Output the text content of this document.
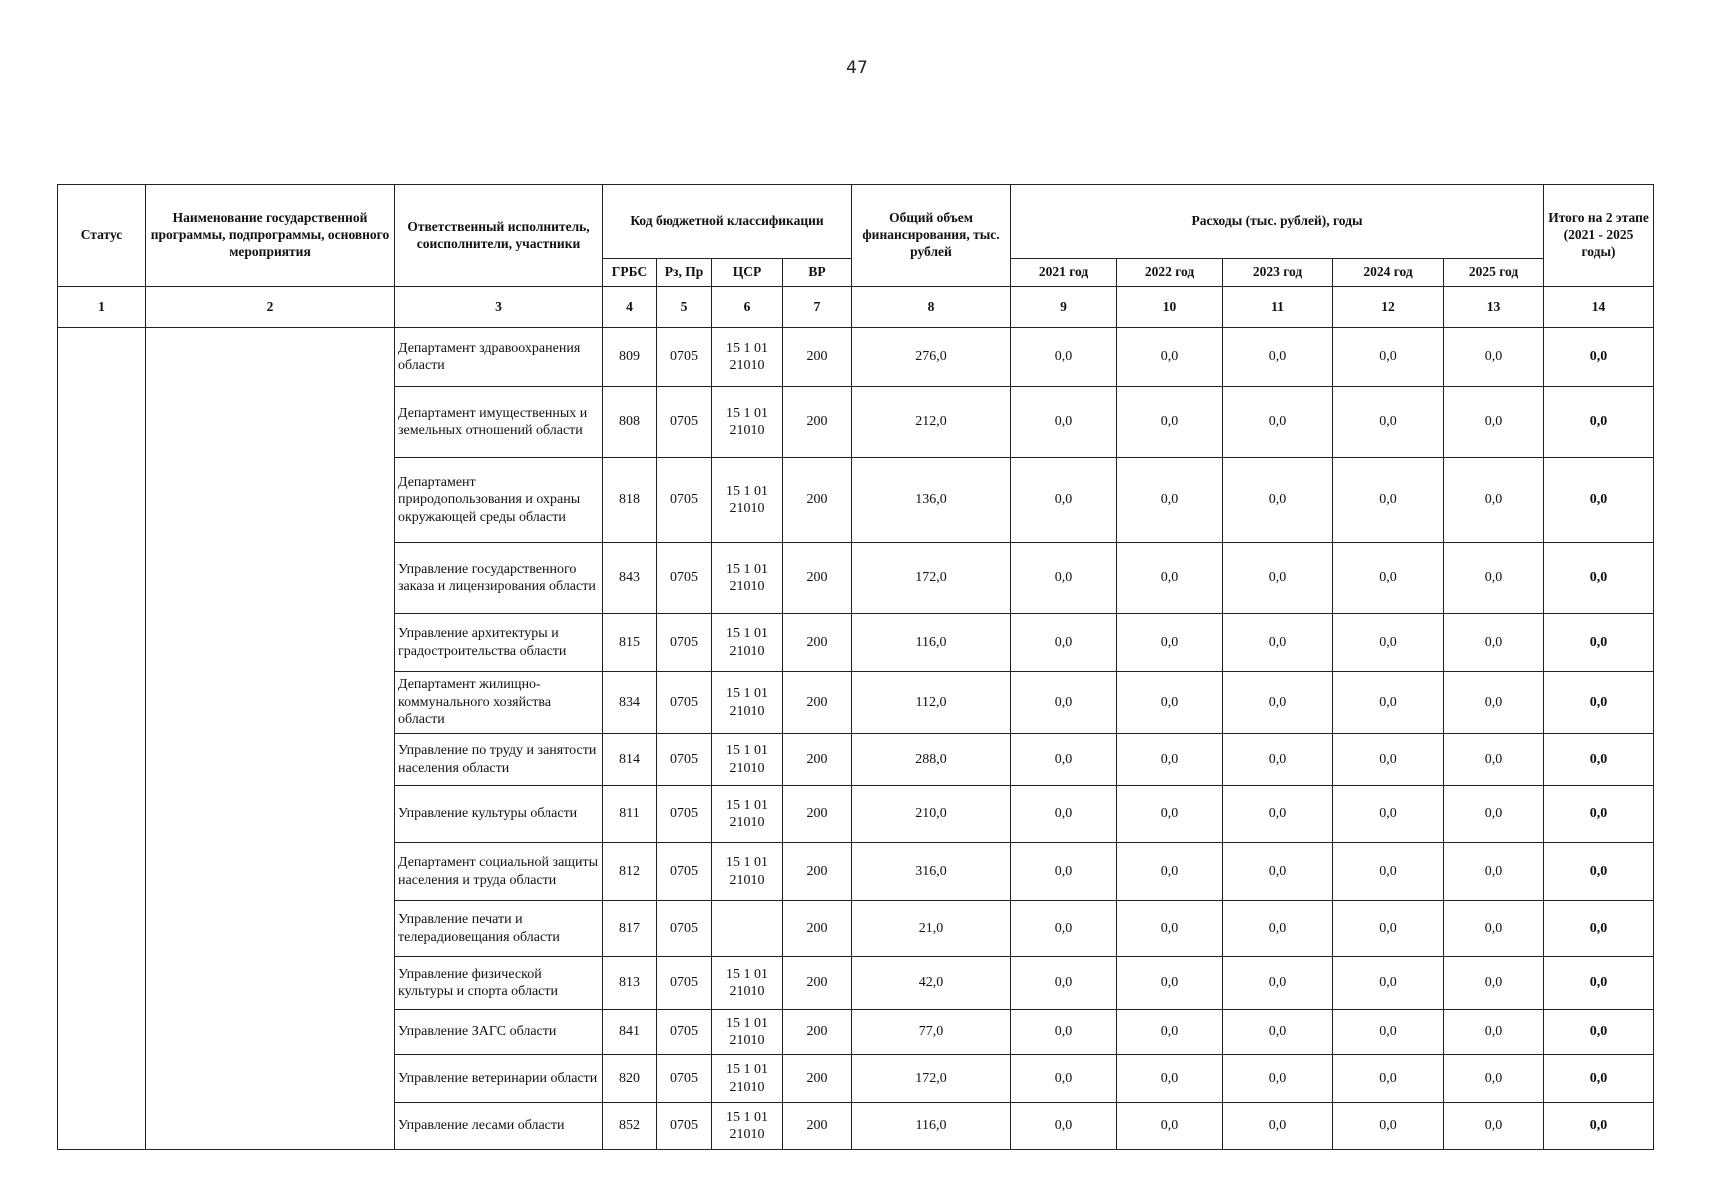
47
Статус	Наименование государственной программы, подпрограммы, основного мероприятия	Ответственный исполнитель, соисполнители, участники	Код бюджетной классификации				Общий объем финансирования, тыс. рублей	Расходы (тыс. рублей), годы					Итого на 2 этапе (2021 - 2025 годы)
			ГРБС	Рз, Пр	ЦСР	ВР		2021 год	2022 год	2023 год	2024 год	2025 год	
1	2	3	4	5	6	7	8	9	10	11	12	13	14
		Департамент здравоохранения области	809	0705	15 1 01 21010	200	276,0	0,0	0,0	0,0	0,0	0,0	0,0
		Департамент имущественных и земельных отношений области	808	0705	15 1 01 21010	200	212,0	0,0	0,0	0,0	0,0	0,0	0,0
		Департамент природопользования и охраны окружающей среды области	818	0705	15 1 01 21010	200	136,0	0,0	0,0	0,0	0,0	0,0	0,0
		Управление государственного заказа и лицензирования области	843	0705	15 1 01 21010	200	172,0	0,0	0,0	0,0	0,0	0,0	0,0
		Управление архитектуры и градостроительства области	815	0705	15 1 01 21010	200	116,0	0,0	0,0	0,0	0,0	0,0	0,0
		Департамент жилищно-коммунального хозяйства области	834	0705	15 1 01 21010	200	112,0	0,0	0,0	0,0	0,0	0,0	0,0
		Управление по труду и занятости населения области	814	0705	15 1 01 21010	200	288,0	0,0	0,0	0,0	0,0	0,0	0,0
		Управление культуры области	811	0705	15 1 01 21010	200	210,0	0,0	0,0	0,0	0,0	0,0	0,0
		Департамент социальной защиты населения и труда области	812	0705	15 1 01 21010	200	316,0	0,0	0,0	0,0	0,0	0,0	0,0
		Управление печати и телерадиовещания области	817	0705		200	21,0	0,0	0,0	0,0	0,0	0,0	0,0
		Управление физической культуры и спорта области	813	0705	15 1 01 21010	200	42,0	0,0	0,0	0,0	0,0	0,0	0,0
		Управление ЗАГС области	841	0705	15 1 01 21010	200	77,0	0,0	0,0	0,0	0,0	0,0	0,0
		Управление ветеринарии области	820	0705	15 1 01 21010	200	172,0	0,0	0,0	0,0	0,0	0,0	0,0
		Управление лесами области	852	0705	15 1 01 21010	200	116,0	0,0	0,0	0,0	0,0	0,0	0,0
